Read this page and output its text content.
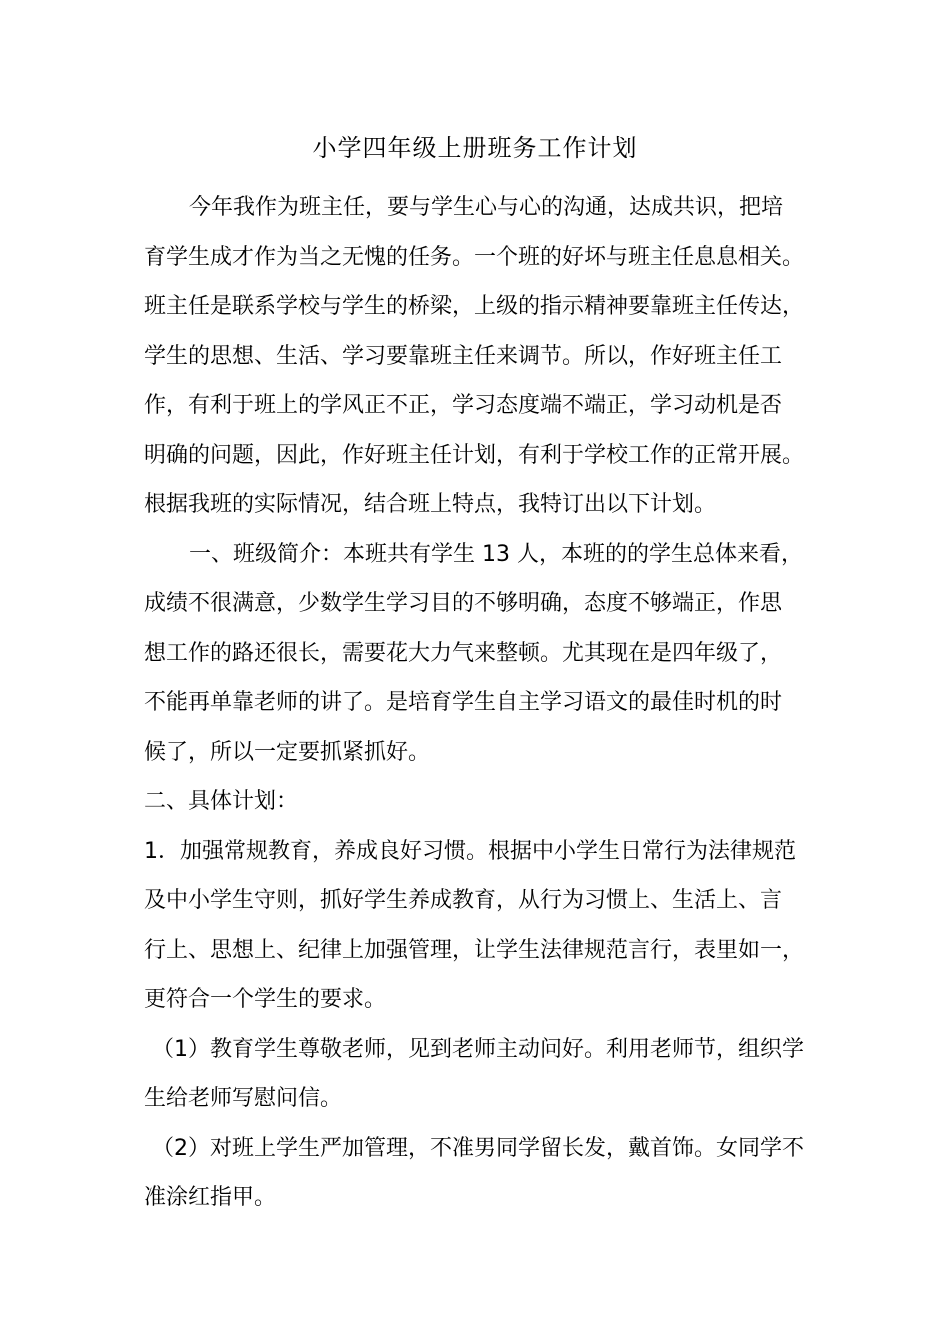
小学四年级上册班务工作计划
今年我作为班主任，要与学生心与心的沟通，达成共识，把培
育学生成才作为当之无愧的任务。一个班的好坏与班主任息息相关。
班主任是联系学校与学生的桥梁，上级的指示精神要靠班主任传达，
学生的思想、生活、学习要靠班主任来调节。所以，作好班主任工
作，有利于班上的学风正不正，学习态度端不端正，学习动机是否
明确的问题，因此，作好班主任计划，有利于学校工作的正常开展。
根据我班的实际情况，结合班上特点，我特订出以下计划。
一、班级简介：本班共有学生 13 人，本班的的学生总体来看，
成绩不很满意，少数学生学习目的不够明确，态度不够端正，作思
想工作的路还很长，需要花大力气来整顿。尤其现在是四年级了，
不能再单靠老师的讲了。是培育学生自主学习语文的最佳时机的时
候了，所以一定要抓紧抓好。
二、具体计划：
1．加强常规教育，养成良好习惯。根据中小学生日常行为法律规范
及中小学生守则，抓好学生养成教育，从行为习惯上、生活上、言
行上、思想上、纪律上加强管理，让学生法律规范言行，表里如一，
更符合一个学生的要求。
（1）教育学生尊敬老师，见到老师主动问好。利用老师节，组织学
生给老师写慰问信。
（2）对班上学生严加管理，不准男同学留长发，戴首饰。女同学不
准涂红指甲。
